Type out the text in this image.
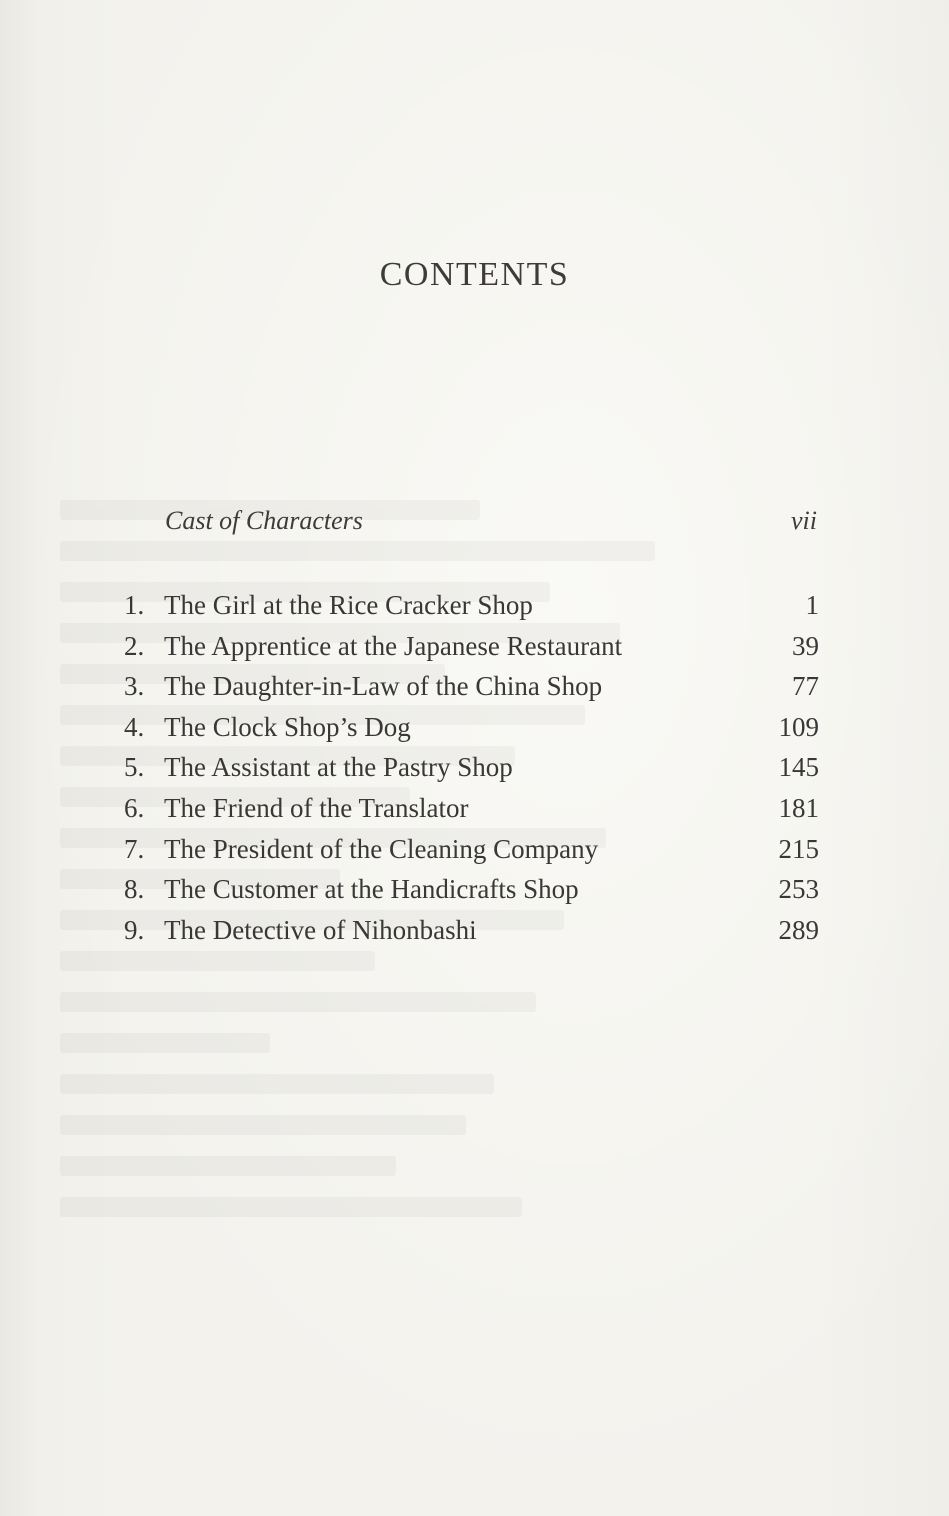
CONTENTS
Cast of Characters	vii
1. The Girl at the Rice Cracker Shop	1
2. The Apprentice at the Japanese Restaurant	39
3. The Daughter-in-Law of the China Shop	77
4. The Clock Shop’s Dog	109
5. The Assistant at the Pastry Shop	145
6. The Friend of the Translator	181
7. The President of the Cleaning Company	215
8. The Customer at the Handicrafts Shop	253
9. The Detective of Nihonbashi	289
